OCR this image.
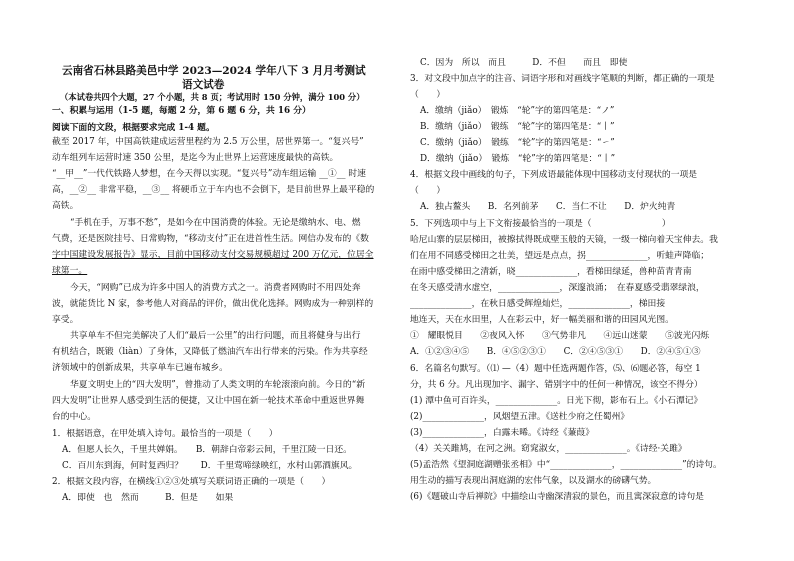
云南省石林县路美邑中学 2023—2024 学年八下 3 月月考测试
语文试卷
（本试卷共四个大题，27 个小题，共 8 页；考试用时 150 分钟，满分 100 分）
一、积累与运用（1-5 题，每题 2 分，第 6 题 6 分，共 16 分）
阅读下面的文段，根据要求完成 1-4 题。
截至 2017 年，中国高铁建成运营里程约为 2.5 万公里，居世界第一。“复兴号”
动车组列车运营时速 350 公里，是迄今为止世界上运营速度最快的高铁。
“__甲__”一代代铁路人梦想，在今天得以实现。“复兴号”动车组运输 __①__ 时速
高，__②__ 非常平稳，__③__ 将硬币立于车内也不会倒下，是目前世界上最平稳的
高铁。
“手机在手，万事不愁”，是如今在中国消费的体验。无论是缴纳水、电、燃
气费，还是医院挂号、日常购物，“移动支付”正在进首性生活。网信办发布的《数
字中国建设发展报告》显示，目前中国移动支付交易规模超过 200 万亿元，位居全
球第一。
今天，“网购”已成为许多中国人的消费方式之一。消费者网购时不用四处奔
波，就能货比 N 家，参考他人对商品的评价，做出优化选择。网购成为一种别样的
享受。
共享单车不但完美解决了人们“最后一公里”的出行问题，而且将健身与出行
有机结合，既锻（liàn）了身体，又降低了燃油汽车出行带来的污染。作为共享经
济领域中的创新成果，共享单车已遍布城乡。
华夏文明史上的“四大发明”，曾推动了人类文明的车轮滚滚向前。今日的“新
四大发明”让世界人感受到生活的便捷，又让中国在新一轮技术革命中重返世界舞
台的中心。
1．根据语意，在甲处填入诗句。最恰当的一项是（　　）
A．但愿人长久，千里共婵娟。　　B．朝辞白帝彩云间，千里江陵一日还。
C．百川东到海，何时复西归？　　D．千里莺啼绿映红，水村山郭酒旗风。
2．根据文段内容，在横线①②③处填写关联词语正确的一项是（　　）
A．即使　也　然而　　　B．但是　　如果
C．因为　所以　而且　　　D．不但　　而且　即使
3．对文段中加点字的注音、词语字形和对画线字笔顺的判断，都正确的一项是
（　　）
A．缴纳（jiǎo）　锻炼　“轮”字的第四笔是：“ノ”
B．缴纳（jiǎo）　锻练　“轮”字的第四笔是：“丨”
C．缴纳（jiǎo）　锻练　“轮”字的第四笔是：“㇀”
D．缴纳（jiǎo）　锻炼　“轮”字的第四笔是：“丨”
4．根据文段中画线的句子，下列成语最能体现中国移动支付现状的一项是
（　　）
A．独占鳌头　　B．名列前茅　　C．当仁不让　　D．炉火纯青
5．下列选项中与上下文衔接最恰当的一项是（　　　　　　　　）
哈尼山寨的层层梯田，被擦拭得既成壁玉般的天镜，一级一梯向着天宝伸去。我
们在用不同感受梯田之壮美，望远是点点，拐______________，听蛙声降临；
在雨中感受梯田之清新，晓______________，看梯田绿延，兽种苗青青南
在冬天感受清水虚空，______________，深邃浪涌；　在春夏感受翡翠绿浪，
______________，在秋日感受辉煌灿烂，______________，梯田接
地连天，天在水田里，人在彩云中，好一幅美丽和谐的田园风光图。
①　耀眼悦目　　②夜风入怀　　③气势非凡　　④远山迷蒙　　⑤波光闪烁
A．①②③④⑤　　B．④⑤②③①　　C．②④⑤③①　　D．②④⑤①③
6．名篇名句默写。（⑴ —（4）题中任选两题作答，⑸、⑹题必答，每空 1
分，共 6 分。凡出现加字、漏字、错别字中的任何一种情况，该空不得分）
(1) 潭中鱼可百许头，______________。日光下彻，影布石上。《小石潭记》
(2)______________，风烟望五津。《送杜少府之任蜀州》
(3)______________，白露未晞。《诗经《蒹葭》
（4）关关雎鸠，在河之洲。窈窕淑女，______________。《诗经·关雎》
(5)孟浩然《望洞庭湖赠张丞相》中“______________，______________”的诗句。
用生动的描写表现出洞庭湖的宏伟气象，以及湖水的磅礴气势。
(6)《题破山寺后禅院》中描绘山寺幽深清寂的景色，而且寓深寂意的诗句是
